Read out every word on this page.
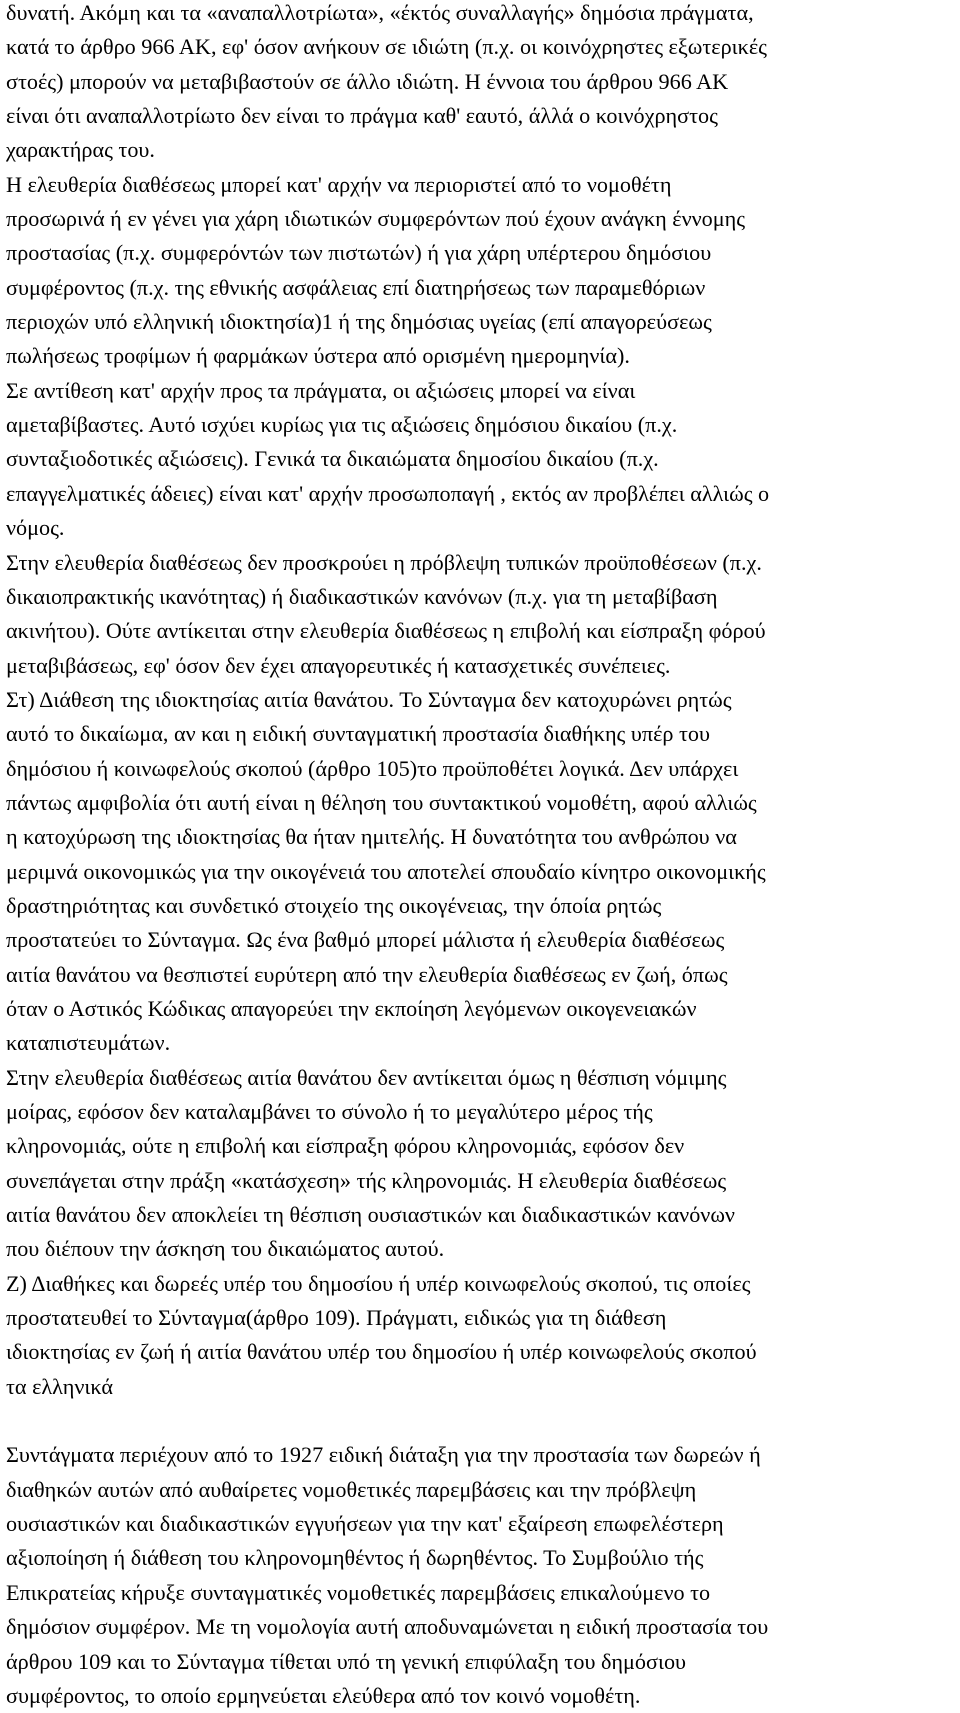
δυνατή. Ακόμη και τα «αναπαλλοτρίωτα», «έκτός συναλλαγής» δημόσια πράγματα,
κατά το άρθρο 966 ΑΚ, εφ' όσον ανήκουν σε ιδιώτη (π.χ. οι κοινόχρηστες εξωτερικές
στοές) μπορούν να μεταβιβαστούν σε άλλο ιδιώτη. Η έννοια του άρθρου 966 ΑΚ
είναι ότι αναπαλλοτρίωτο δεν είναι το πράγμα καθ' εαυτό, άλλά ο κοινόχρηστος
χαρακτήρας του.
Η ελευθερία διαθέσεως μπορεί κατ' αρχήν να περιοριστεί από το νομοθέτη
προσωρινά ή εν γένει για χάρη ιδιωτικών συμφερόντων πού έχουν ανάγκη έννομης
προστασίας (π.χ. συμφερόντών των πιστωτών) ή για χάρη υπέρτερου δημόσιου
συμφέροντος (π.χ. της εθνικής ασφάλειας επί διατηρήσεως των παραμεθόριων
περιοχών υπό ελληνική ιδιοκτησία)1 ή της δημόσιας υγείας (επί απαγορεύσεως
πωλήσεως τροφίμων ή φαρμάκων ύστερα από ορισμένη ημερομηνία).
Σε αντίθεση κατ' αρχήν προς τα πράγματα, οι αξιώσεις μπορεί να είναι
αμεταβίβαστες. Αυτό ισχύει κυρίως για τις αξιώσεις δημόσιου δικαίου (π.χ.
συνταξιοδοτικές αξιώσεις). Γενικά τα δικαιώματα δημοσίου δικαίου (π.χ.
επαγγελματικές άδειες) είναι κατ' αρχήν προσωποπαγή , εκτός αν προβλέπει αλλιώς ο
νόμος.
Στην ελευθερία διαθέσεως δεν προσκρούει η πρόβλεψη τυπικών προϋποθέσεων (π.χ.
δικαιοπρακτικής ικανότητας) ή διαδικαστικών κανόνων (π.χ. για τη μεταβίβαση
ακινήτου). Ούτε αντίκειται στην ελευθερία διαθέσεως η επιβολή και είσπραξη φόρού
μεταβιβάσεως, εφ' όσον δεν έχει απαγορευτικές ή κατασχετικές συνέπειες.
Στ) Διάθεση της ιδιοκτησίας αιτία θανάτου. Το Σύνταγμα δεν κατοχυρώνει ρητώς
αυτό το δικαίωμα, αν και η ειδική συνταγματική προστασία διαθήκης υπέρ του
δημόσιου ή κοινωφελούς σκοπού (άρθρο 105)το προϋποθέτει λογικά. Δεν υπάρχει
πάντως αμφιβολία ότι αυτή είναι η θέληση του συντακτικού νομοθέτη, αφού αλλιώς
η κατοχύρωση της ιδιοκτησίας θα ήταν ημιτελής. Η δυνατότητα του ανθρώπου να
μεριμνά οικονομικώς για την οικογένειά του αποτελεί σπουδαίο κίνητρο οικονομικής
δραστηριότητας και συνδετικό στοιχείο της οικογένειας, την όποία ρητώς
προστατεύει το Σύνταγμα. Ως ένα βαθμό μπορεί μάλιστα ή ελευθερία διαθέσεως
αιτία θανάτου να θεσπιστεί ευρύτερη από την ελευθερία διαθέσεως εν ζωή, όπως
όταν ο Αστικός Κώδικας απαγορεύει την εκποίηση λεγόμενων οικογενειακών
καταπιστευμάτων.
Στην ελευθερία διαθέσεως αιτία θανάτου δεν αντίκειται όμως η θέσπιση νόμιμης
μοίρας, εφόσον δεν καταλαμβάνει το σύνολο ή το μεγαλύτερο μέρος τής
κληρονομιάς, ούτε η επιβολή και είσπραξη φόρου κληρονομιάς, εφόσον δεν
συνεπάγεται στην πράξη «κατάσχεση» τής κληρονομιάς. Η ελευθερία διαθέσεως
αιτία θανάτου δεν αποκλείει τη θέσπιση ουσιαστικών και διαδικαστικών κανόνων
που διέπουν την άσκηση του δικαιώματος αυτού.
Ζ) Διαθήκες και δωρεές υπέρ του δημοσίου ή υπέρ κοινωφελούς σκοπού, τις οποίες
προστατευθεί το Σύνταγμα(άρθρο 109). Πράγματι, ειδικώς για τη διάθεση
ιδιοκτησίας εν ζωή ή αιτία θανάτου υπέρ του δημοσίου ή υπέρ κοινωφελούς σκοπού
τα ελληνικά
Συντάγματα περιέχουν από το 1927 ειδική διάταξη για την προστασία των δωρεών ή
διαθηκών αυτών από αυθαίρετες νομοθετικές παρεμβάσεις και την πρόβλεψη
ουσιαστικών και διαδικαστικών εγγυήσεων για την κατ' εξαίρεση επωφελέστερη
αξιοποίηση ή διάθεση του κληρονομηθέντος ή δωρηθέντος. Το Συμβούλιο τής
Επικρατείας κήρυξε συνταγματικές νομοθετικές παρεμβάσεις επικαλούμενο το
δημόσιον συμφέρον. Με τη νομολογία αυτή αποδυναμώνεται η ειδική προστασία του
άρθρου 109 και το Σύνταγμα τίθεται υπό τη γενική επιφύλαξη του δημόσιου
συμφέροντος, το οποίο ερμηνεύεται ελεύθερα από τον κοινό νομοθέτη.
